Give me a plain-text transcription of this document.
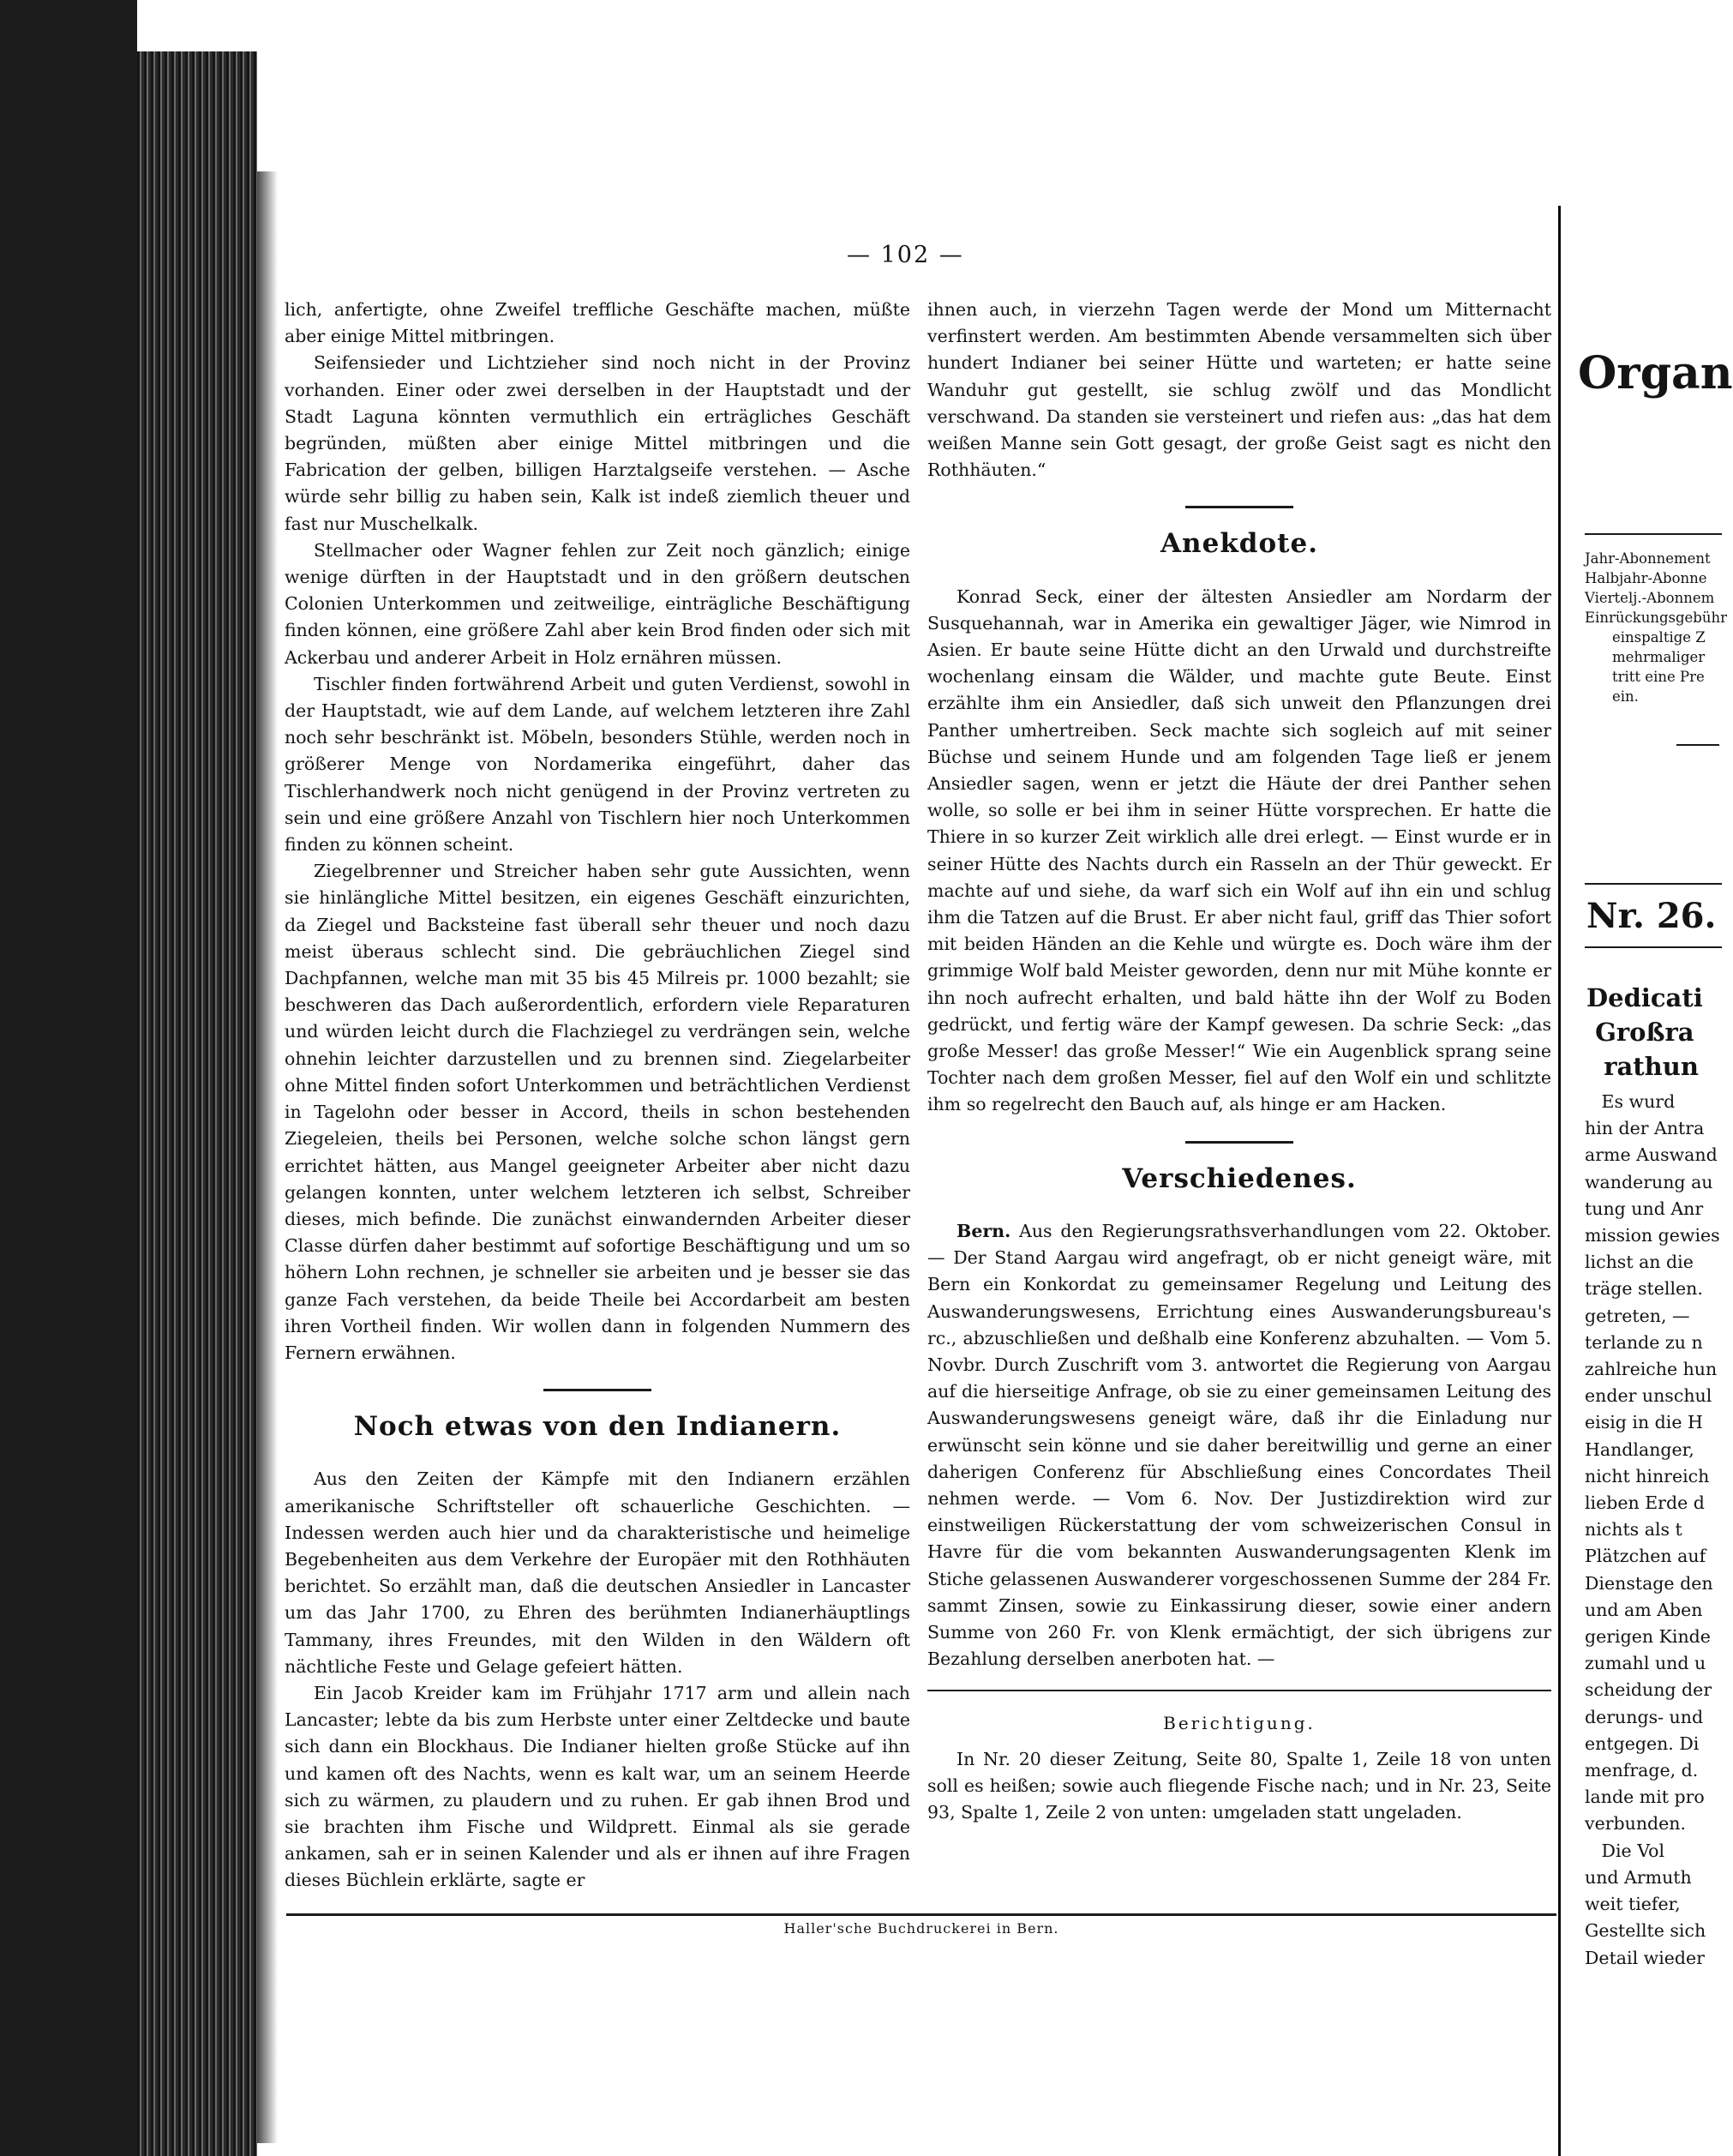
— 102 —

lich, anfertigte, ohne Zweifel treffliche Geschäfte machen, müßte aber einige Mittel mitbringen.

Seifensieder und Lichtzieher sind noch nicht in der Provinz vorhanden. Einer oder zwei derselben in der Hauptstadt und der Stadt Laguna könnten vermuthlich ein erträgliches Geschäft begründen, müßten aber einige Mittel mitbringen und die Fabrication der gelben, billigen Harztalgseife verstehen. — Asche würde sehr billig zu haben sein, Kalk ist indeß ziemlich theuer und fast nur Muschelkalk.

Stellmacher oder Wagner fehlen zur Zeit noch gänzlich; einige wenige dürften in der Hauptstadt und in den größern deutschen Colonien Unterkommen und zeitweilige, einträgliche Beschäftigung finden können, eine größere Zahl aber kein Brod finden oder sich mit Ackerbau und anderer Arbeit in Holz ernähren müssen.

Tischler finden fortwährend Arbeit und guten Verdienst, sowohl in der Hauptstadt, wie auf dem Lande, auf welchem letzteren ihre Zahl noch sehr beschränkt ist. Möbeln, besonders Stühle, werden noch in größerer Menge von Nordamerika eingeführt, daher das Tischlerhandwerk noch nicht genügend in der Provinz vertreten zu sein und eine größere Anzahl von Tischlern hier noch Unterkommen finden zu können scheint.

Ziegelbrenner und Streicher haben sehr gute Aussichten, wenn sie hinlängliche Mittel besitzen, ein eigenes Geschäft einzurichten, da Ziegel und Backsteine fast überall sehr theuer und noch dazu meist überaus schlecht sind. Die gebräuchlichen Ziegel sind Dachpfannen, welche man mit 35 bis 45 Milreis pr. 1000 bezahlt; sie beschweren das Dach außerordentlich, erfordern viele Reparaturen und würden leicht durch die Flachziegel zu verdrängen sein, welche ohnehin leichter darzustellen und zu brennen sind. Ziegelarbeiter ohne Mittel finden sofort Unterkommen und beträchtlichen Verdienst in Tagelohn oder besser in Accord, theils in schon bestehenden Ziegeleien, theils bei Personen, welche solche schon längst gern errichtet hätten, aus Mangel geeigneter Arbeiter aber nicht dazu gelangen konnten, unter welchem letzteren ich selbst, Schreiber dieses, mich befinde. Die zunächst einwandernden Arbeiter dieser Classe dürfen daher bestimmt auf sofortige Beschäftigung und um so höhern Lohn rechnen, je schneller sie arbeiten und je besser sie das ganze Fach verstehen, da beide Theile bei Accordarbeit am besten ihren Vortheil finden. Wir wollen dann in folgenden Nummern des Fernern erwähnen.

Noch etwas von den Indianern.

Aus den Zeiten der Kämpfe mit den Indianern erzählen amerikanische Schriftsteller oft schauerliche Geschichten. — Indessen werden auch hier und da charakteristische und heimelige Begebenheiten aus dem Verkehre der Europäer mit den Rothhäuten berichtet. So erzählt man, daß die deutschen Ansiedler in Lancaster um das Jahr 1700, zu Ehren des berühmten Indianerhäuptlings Tammany, ihres Freundes, mit den Wilden in den Wäldern oft nächtliche Feste und Gelage gefeiert hätten.

Ein Jacob Kreider kam im Frühjahr 1717 arm und allein nach Lancaster; lebte da bis zum Herbste unter einer Zeltdecke und baute sich dann ein Blockhaus. Die Indianer hielten große Stücke auf ihn und kamen oft des Nachts, wenn es kalt war, um an seinem Heerde sich zu wärmen, zu plaudern und zu ruhen. Er gab ihnen Brod und sie brachten ihm Fische und Wildprett. Einmal als sie gerade ankamen, sah er in seinen Kalender und als er ihnen auf ihre Fragen dieses Büchlein erklärte, sagte er

ihnen auch, in vierzehn Tagen werde der Mond um Mitternacht verfinstert werden. Am bestimmten Abende versammelten sich über hundert Indianer bei seiner Hütte und warteten; er hatte seine Wanduhr gut gestellt, sie schlug zwölf und das Mondlicht verschwand. Da standen sie versteinert und riefen aus: „das hat dem weißen Manne sein Gott gesagt, der große Geist sagt es nicht den Rothhäuten.“

Anekdote.

Konrad Seck, einer der ältesten Ansiedler am Nordarm der Susquehannah, war in Amerika ein gewaltiger Jäger, wie Nimrod in Asien. Er baute seine Hütte dicht an den Urwald und durchstreifte wochenlang einsam die Wälder, und machte gute Beute. Einst erzählte ihm ein Ansiedler, daß sich unweit den Pflanzungen drei Panther umhertreiben. Seck machte sich sogleich auf mit seiner Büchse und seinem Hunde und am folgenden Tage ließ er jenem Ansiedler sagen, wenn er jetzt die Häute der drei Panther sehen wolle, so solle er bei ihm in seiner Hütte vorsprechen. Er hatte die Thiere in so kurzer Zeit wirklich alle drei erlegt. — Einst wurde er in seiner Hütte des Nachts durch ein Rasseln an der Thür geweckt. Er machte auf und siehe, da warf sich ein Wolf auf ihn ein und schlug ihm die Tatzen auf die Brust. Er aber nicht faul, griff das Thier sofort mit beiden Händen an die Kehle und würgte es. Doch wäre ihm der grimmige Wolf bald Meister geworden, denn nur mit Mühe konnte er ihn noch aufrecht erhalten, und bald hätte ihn der Wolf zu Boden gedrückt, und fertig wäre der Kampf gewesen. Da schrie Seck: „das große Messer! das große Messer!“ Wie ein Augenblick sprang seine Tochter nach dem großen Messer, fiel auf den Wolf ein und schlitzte ihm so regelrecht den Bauch auf, als hinge er am Hacken.

Verschiedenes.

Bern. Aus den Regierungsrathsverhandlungen vom 22. Oktober. — Der Stand Aargau wird angefragt, ob er nicht geneigt wäre, mit Bern ein Konkordat zu gemeinsamer Regelung und Leitung des Auswanderungswesens, Errichtung eines Auswanderungsbureau's rc., abzuschließen und deßhalb eine Konferenz abzuhalten. — Vom 5. Novbr. Durch Zuschrift vom 3. antwortet die Regierung von Aargau auf die hierseitige Anfrage, ob sie zu einer gemeinsamen Leitung des Auswanderungswesens geneigt wäre, daß ihr die Einladung nur erwünscht sein könne und sie daher bereitwillig und gerne an einer daherigen Conferenz für Abschließung eines Concordates Theil nehmen werde. — Vom 6. Nov. Der Justizdirektion wird zur einstweiligen Rückerstattung der vom schweizerischen Consul in Havre für die vom bekannten Auswanderungsagenten Klenk im Stiche gelassenen Auswanderer vorgeschossenen Summe der 284 Fr. sammt Zinsen, sowie zu Einkassirung dieser, sowie einer andern Summe von 260 Fr. von Klenk ermächtigt, der sich übrigens zur Bezahlung derselben anerboten hat. —

Berichtigung.

In Nr. 20 dieser Zeitung, Seite 80, Spalte 1, Zeile 18 von unten soll es heißen; sowie auch fliegende Fische nach; und in Nr. 23, Seite 93, Spalte 1, Zeile 2 von unten: umgeladen statt ungeladen.

Haller'sche Buchdruckerei in Bern.
Organ
Jahr-Abonnement
Halbjahr-Abonne
Viertelj.-Abonnem
Einrückungsgebühr
einspaltige Z
mehrmaliger
tritt eine Pre
ein.
Nr. 26.
Dedicati
Großra
rathun
Es wurd
hin der Antra
arme Auswand
wanderung au
tung und Anr
mission gewies
lichst an die
träge stellen.
getreten, —
terlande zu n
zahlreiche hun
ender unschul
eisig in die H
Handlanger,
nicht hinreich
lieben Erde d
nichts als t
Plätzchen auf
Dienstage den
und am Aben
gerigen Kinde
zumahl und u
scheidung der
derungs- und
entgegen. Di
menfrage, d.
lande mit pro
verbunden.
Die Vol
und Armuth
weit tiefer,
Gestellte sich
Detail wieder
